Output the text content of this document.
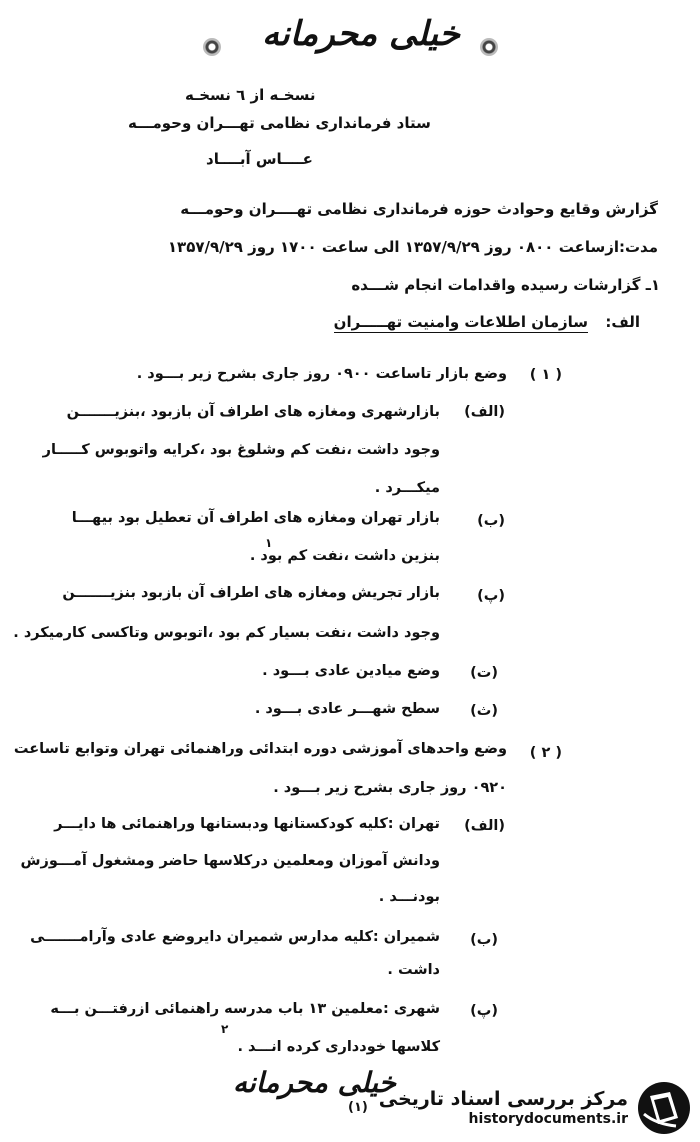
خیلی محرمانه
نسخـه از ٦ نسخـه
ستاد فرمانداری نظامی تهـــران وحومـــه
عــــاس آبــــاد
گزارش وقایع وحوادث حوزه فرمانداری نظامی تهــــران وحومـــه
مدت:ازساعت ۰۸۰۰ روز ۱۳۵۷/۹/۲۹ الی ساعت ۱۷۰۰ روز ۱۳۵۷/۹/۲۹
۱ـ گزارشات رسیده واقدامات انجام شـــده
الف:
سازمان اطلاعات وامنیت تهـــــران
( ۱ )
وضع بازار تاساعت ۰۹۰۰ روز جاری بشرح زیر بـــود .
(الف)
بازارشهری ومغازه های اطراف آن بازبود ،بنزیـــــــن
وجود داشت ،نفت کم وشلوغ بود ،کرایه واتوبوس کـــــار
میکـــرد .
(ب)
بازار تهران ومغازه های اطراف آن تعطیل بود بیهـــا
بنزین داشت ،نفت کم بود .
۱
(پ)
بازار تجریش ومغازه های اطراف آن بازبود بنزیـــــــن
وجود داشت ،نفت بسیار کم بود ،اتوبوس وتاکسی کارمیکرد .
(ت)
وضع میادین عادی بـــود .
(ث)
سطح شهـــر عادی بـــود .
( ۲ )
وضع واحدهای آموزشی دوره ابتدائی وراهنمائی تهران وتوابع تاساعت
۰۹۲۰ روز جاری بشرح زیر بـــود .
(الف)
تهران :کلیه کودکستانها ودبستانها وراهنمائی ها دایـــر
ودانش آموزان ومعلمین درکلاسها حاضر ومشغول آمـــوزش
بودنـــد .
(ب)
شمیران :کلیه مدارس شمیران دایروضع عادی وآرامـــــــی
داشت .
(پ)
شهری :معلمین ۱۳ باب مدرسه راهنمائی ازرفتـــن بـــه
۲
کلاسها خودداری کرده انـــد .
خیلی محرمانه
(۱) مرکز بررسی اسناد تاریخی
historydocuments.ir
